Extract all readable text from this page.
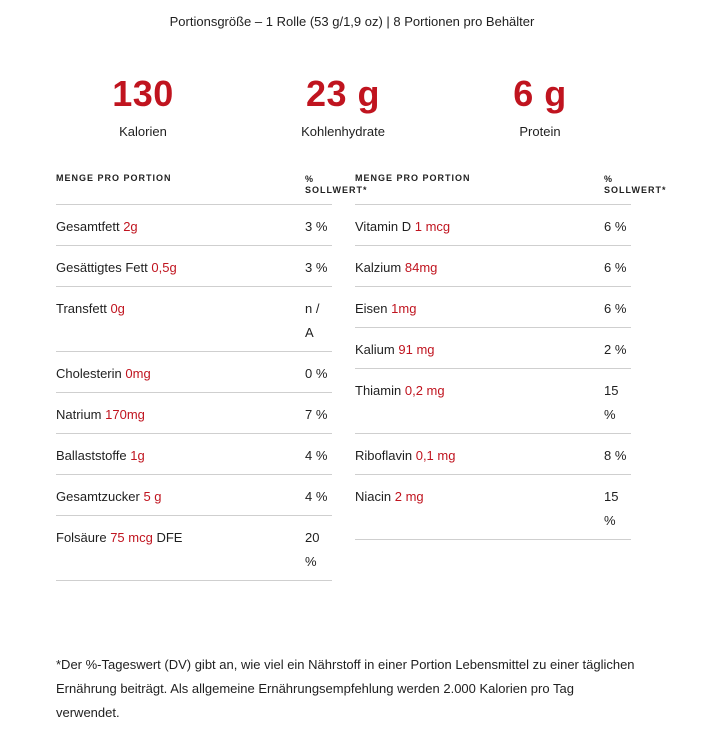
Portionsgröße – 1 Rolle (53 g/1,9 oz) | 8 Portionen pro Behälter
130
Kalorien
23 g
Kohlenhydrate
6 g
Protein
MENGE PRO PORTION	%
SOLLWERT*
Gesamtfett 2g	3 %
Gesättigtes Fett 0,5g	3 %
Transfett 0g	n / A
Cholesterin 0mg	0 %
Natrium 170mg	7 %
Ballaststoffe 1g	4 %
Gesamtzucker 5 g	4 %
Folsäure 75 mcg DFE	20 %
MENGE PRO PORTION	%
SOLLWERT*
Vitamin D 1 mcg	6 %
Kalzium 84mg	6 %
Eisen 1mg	6 %
Kalium 91 mg	2 %
Thiamin 0,2 mg	15 %
Riboflavin 0,1 mg	8 %
Niacin 2 mg	15 %
*Der %-Tageswert (DV) gibt an, wie viel ein Nährstoff in einer Portion Lebensmittel zu einer täglichen Ernährung beiträgt. Als allgemeine Ernährungsempfehlung werden 2.000 Kalorien pro Tag verwendet.
